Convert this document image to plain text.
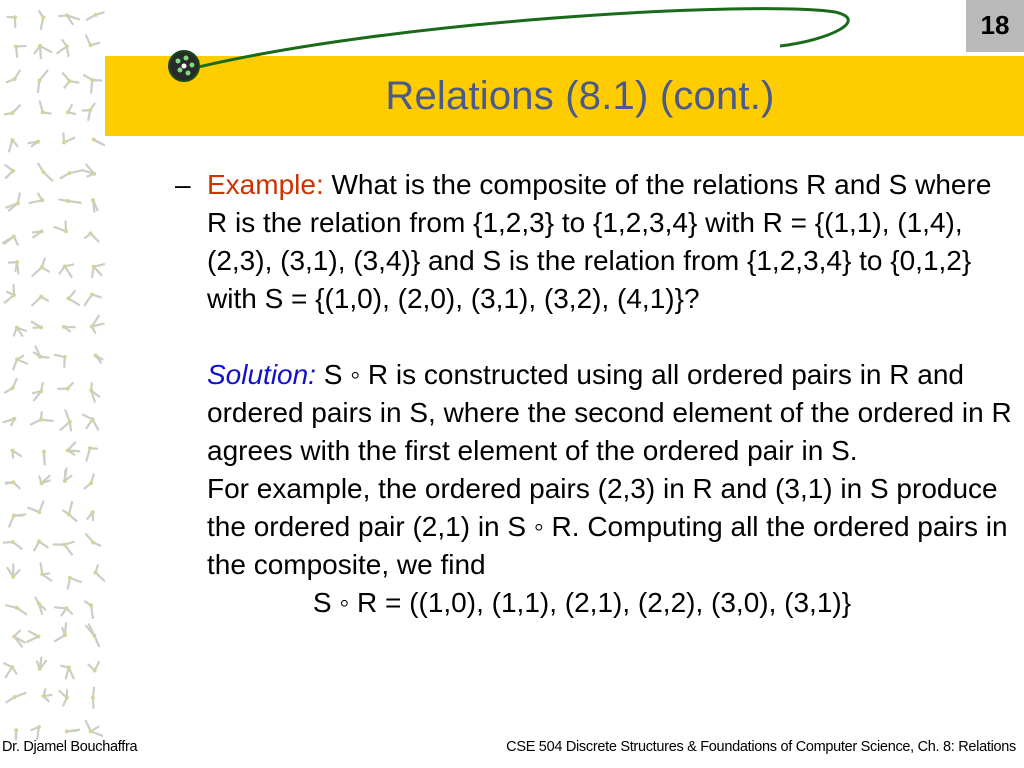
Relations (8.1) (cont.)
18
– Example: What is the composite of the relations R and S where R is the relation from {1,2,3} to {1,2,3,4} with R = {(1,1), (1,4), (2,3), (3,1), (3,4)} and S is the relation from {1,2,3,4} to {0,1,2} with S = {(1,0), (2,0), (3,1), (3,2), (4,1)}?
Solution: S ◦ R is constructed using all ordered pairs in R and ordered pairs in S, where the second element of the ordered in R agrees with the first element of the ordered pair in S.
For example, the ordered pairs (2,3) in R and (3,1) in S produce the ordered pair (2,1) in S ◦ R. Computing all the ordered pairs in the composite, we find
S ◦ R = ((1,0), (1,1), (2,1), (2,2), (3,0), (3,1)}
Dr. Djamel Bouchaffra	CSE 504 Discrete Structures & Foundations of Computer Science, Ch. 8: Relations
